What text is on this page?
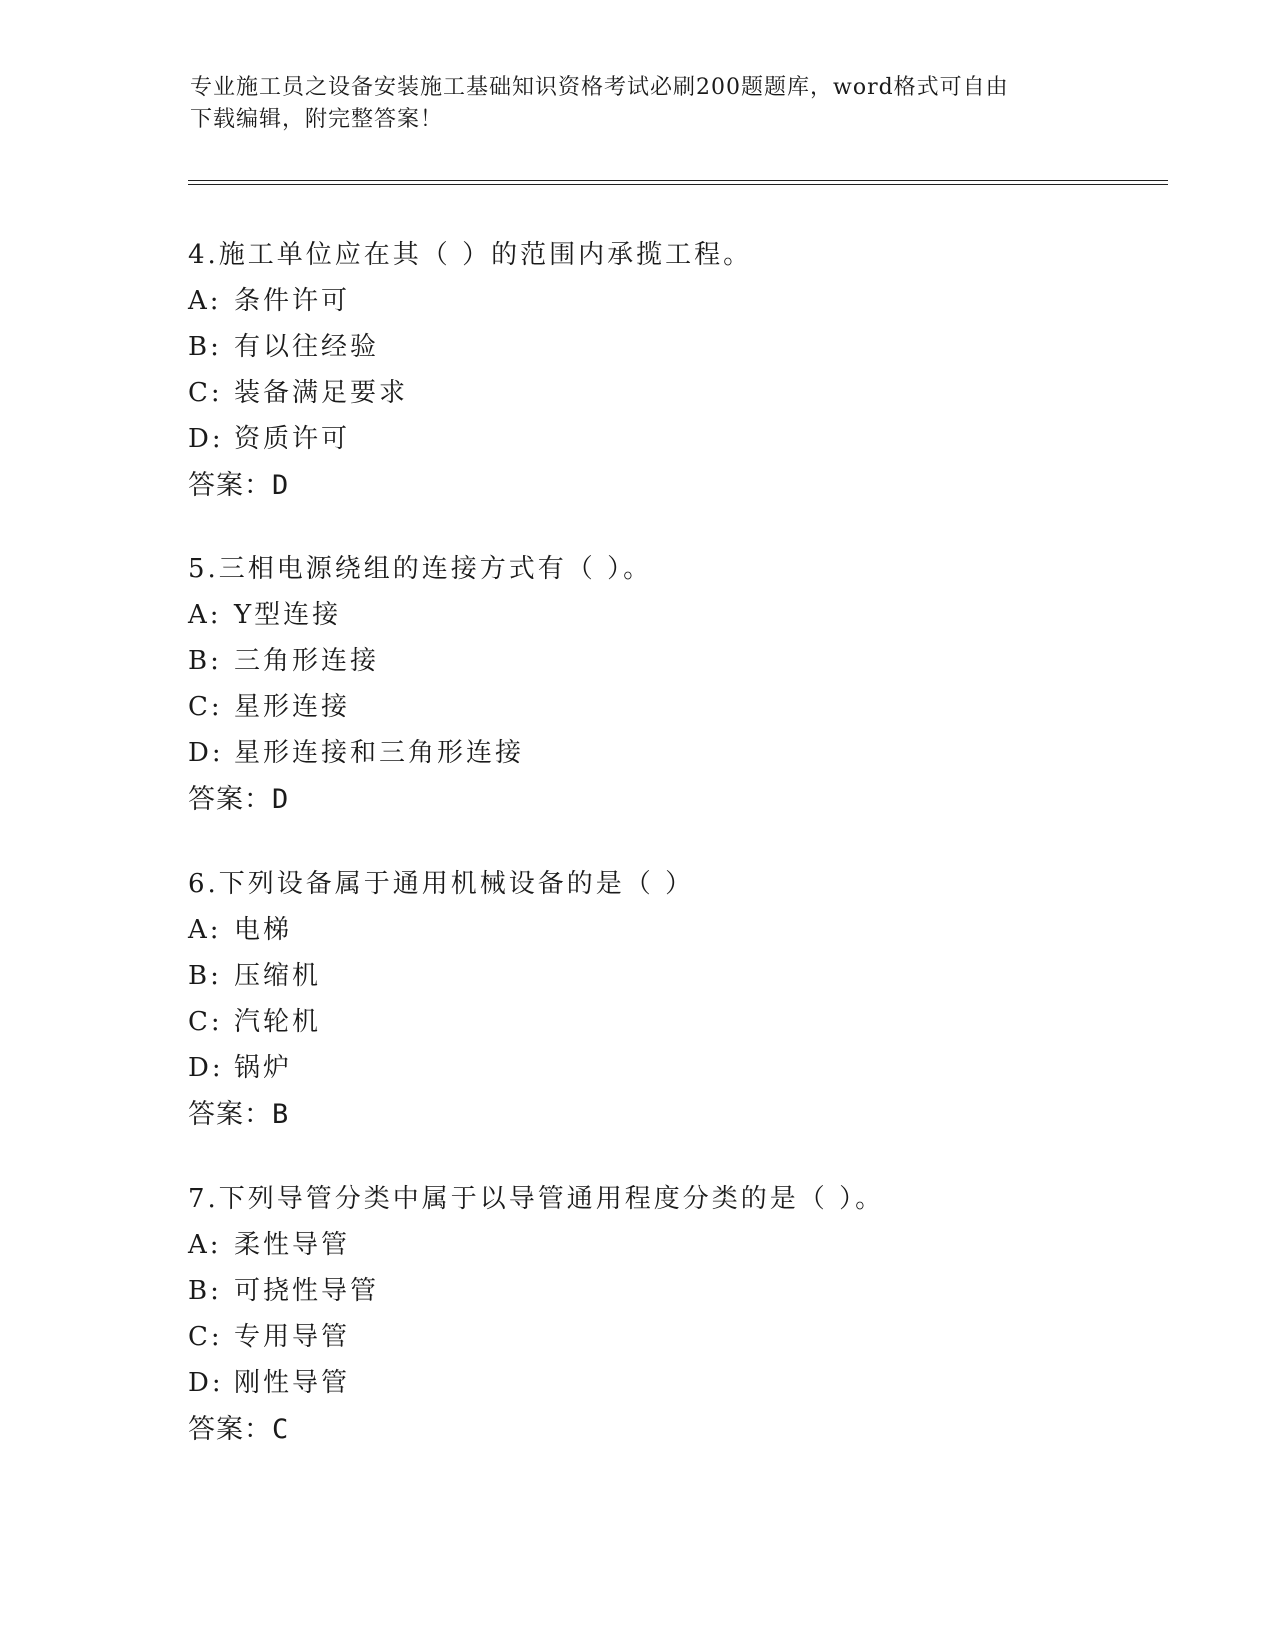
专业施工员之设备安装施工基础知识资格考试必刷200题题库，word格式可自由
下载编辑，附完整答案！
4.施工单位应在其（ ）的范围内承揽工程。
A: 条件许可
B: 有以往经验
C: 装备满足要求
D: 资质许可
答案：D
5.三相电源绕组的连接方式有（ ）。
A: Y型连接
B: 三角形连接
C: 星形连接
D: 星形连接和三角形连接
答案：D
6.下列设备属于通用机械设备的是（ ）
A: 电梯
B: 压缩机
C: 汽轮机
D: 锅炉
答案：B
7.下列导管分类中属于以导管通用程度分类的是（ ）。
A: 柔性导管
B: 可挠性导管
C: 专用导管
D: 刚性导管
答案：C
